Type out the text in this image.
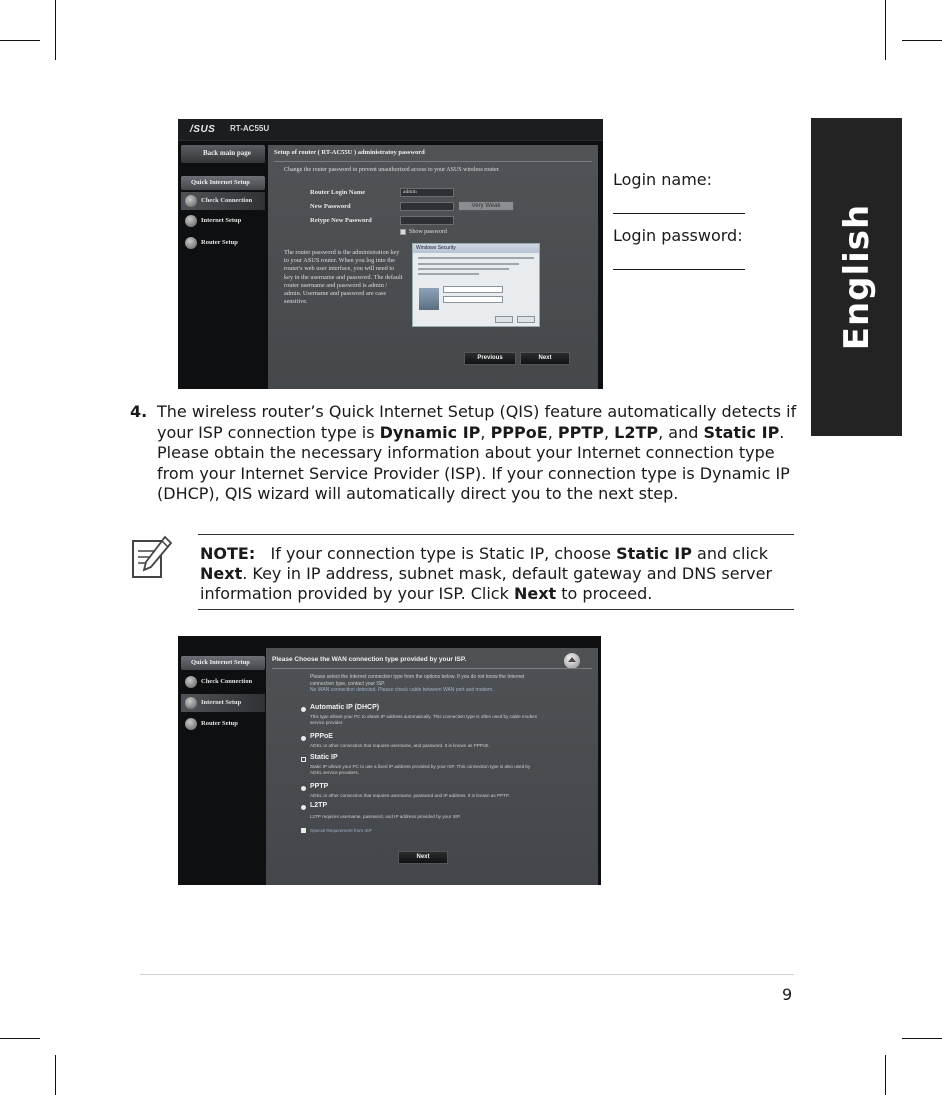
English
/SUS RT-AC55U
Back main page
Quick Internet Setup
Check Connection
Internet Setup
Router Setup
Setup of router ( RT-AC55U ) administratoy password
Change the router password to prevent unauthorized access to your ASUS wireless router.
Router Login Name	admin
New Password	Very Weak
Retype New Password
Show password
The router password is the administration key to your ASUS router. When you log into the router's web user interface, you will need to key in the username and password. The default router username and password is admin / admin. Username and password are case sensitive.
Windows Security
Previous	Next
Login name:
Login password:
4. The wireless router’s Quick Internet Setup (QIS) feature automatically detects if your ISP connection type is Dynamic IP, PPPoE, PPTP, L2TP, and Static IP. Please obtain the necessary information about your Internet connection type from your Internet Service Provider (ISP). If your connection type is Dynamic IP (DHCP), QIS wizard will automatically direct you to the next step.
NOTE: If your connection type is Static IP, choose Static IP and click Next. Key in IP address, subnet mask, default gateway and DNS server information provided by your ISP. Click Next to proceed.
Quick Internet Setup
Check Connection
Internet Setup
Router Setup
Please Choose the WAN connection type provided by your ISP.
Please select the Internet connection type from the options below. If you do not know the Internet connection type, contact your ISP.
No WAN connection detected. Please check cable between WAN port and modem.
Automatic IP (DHCP)
This type allows your PC to obtain IP address automatically. This connection type is often used by cable modem service provider.
PPPoE
ADSL or other connection that requires username, and password. It is known as PPPoE.
Static IP
Static IP allows your PC to use a fixed IP address provided by your ISP. This connection type is also used by ADSL service providers.
PPTP
ADSL or other connection that requires username, password and IP address. It is known as PPTP.
L2TP
L2TP requires username, password, and IP address provided by your ISP.
Special Requirement from ISP
Next
9
